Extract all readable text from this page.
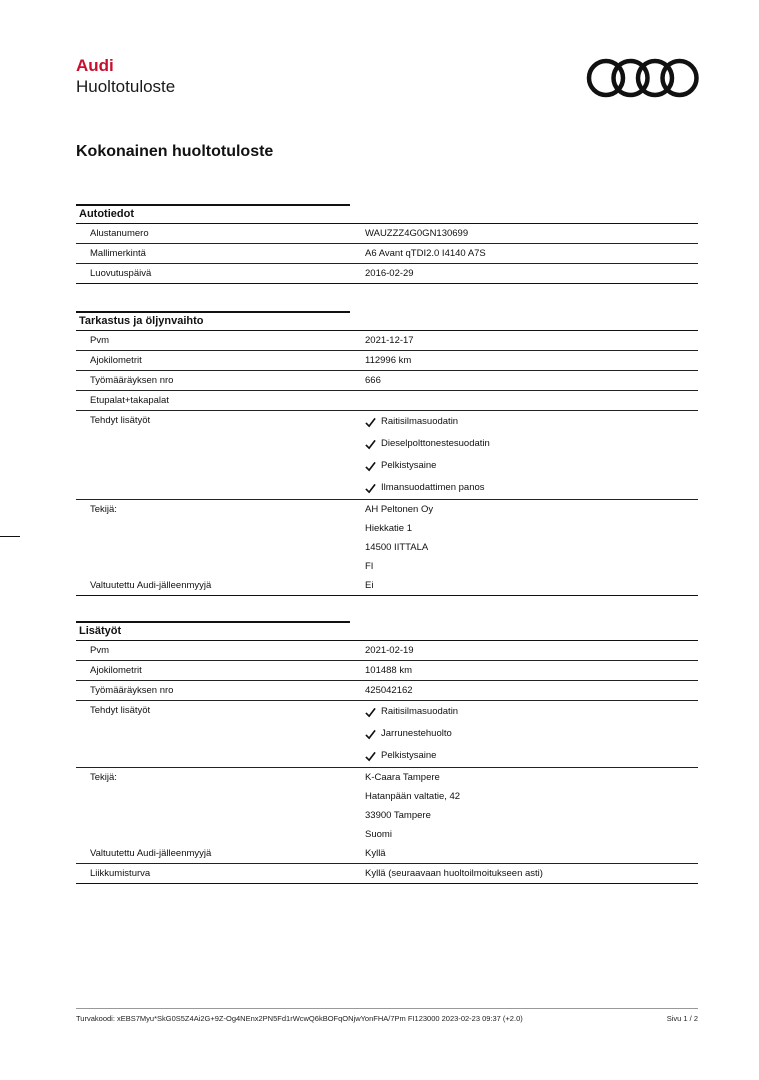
Audi
Huoltotuloste
Kokonainen huoltotuloste
Autotiedot
Alustanumero	WAUZZZ4G0GN130699
Mallimerkintä	A6 Avant qTDI2.0 I4140 A7S
Luovutuspäivä	2016-02-29
Tarkastus ja öljynvaihto
Pvm	2021-12-17
Ajokilometrit	112996 km
Työmääräyksen nro	666
Etupalat+takapalat
Tehdyt lisätyöt	Raitisilmasuodatin
Dieselpolttonestesuodatin
Pelkistysaine
Ilmansuodattimen panos
Tekijä:	AH Peltonen Oy
Hiekkatie 1
14500 IITTALA
FI
Valtuutettu Audi-jälleenmyyjä	Ei
Lisätyöt
Pvm	2021-02-19
Ajokilometrit	101488 km
Työmääräyksen nro	425042162
Tehdyt lisätyöt	Raitisilmasuodatin
Jarrunestehuolto
Pelkistysaine
Tekijä:	K-Caara Tampere
Hatanpään valtatie, 42
33900 Tampere
Suomi
Valtuutettu Audi-jälleenmyyjä	Kyllä
Liikkumisturva	Kyllä (seuraavaan huoltoilmoitukseen asti)
Turvakoodi: xEBS7Myu*SkG0S5Z4Ai2G+9Z-Og4NEnx2PN5Fd1rWcwQ6kBOFqONjwYonFHA/7Pm FI123000 2023-02-23 09:37 (+2.0)	Sivu 1 / 2
